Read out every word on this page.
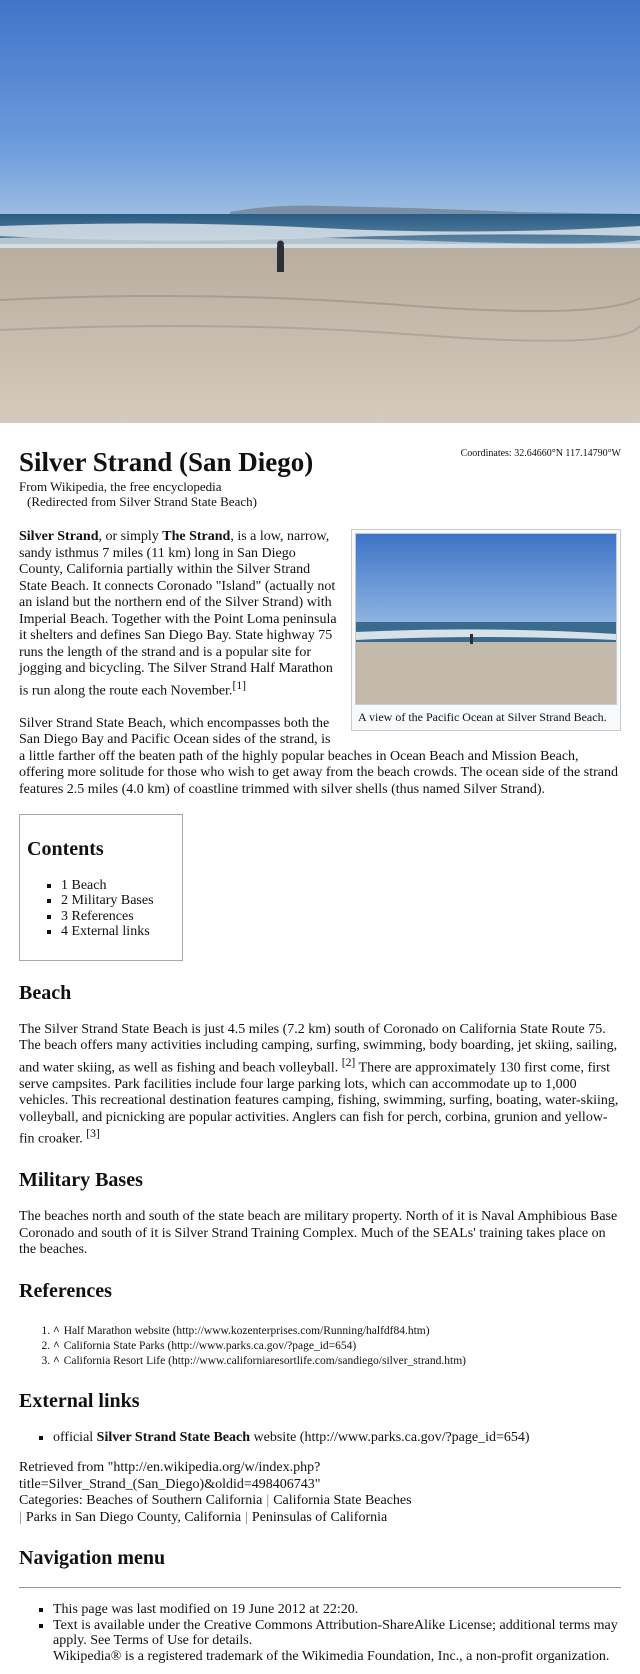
Coordinates: 32.64660°N 117.14790°W
Silver Strand (San Diego)
From Wikipedia, the free encyclopedia
(Redirected from Silver Strand State Beach)
A view of the Pacific Ocean at Silver Strand Beach.

Silver Strand, or simply The Strand, is a low, narrow, sandy isthmus 7 miles (11 km) long in San Diego County, California partially within the Silver Strand State Beach. It connects Coronado "Island" (actually not an island but the northern end of the Silver Strand) with Imperial Beach. Together with the Point Loma peninsula it shelters and defines San Diego Bay. State highway 75 runs the length of the strand and is a popular site for jogging and bicycling. The Silver Strand Half Marathon is run along the route each November.[1]

Silver Strand State Beach, which encompasses both the San Diego Bay and Pacific Ocean sides of the strand, is a little farther off the beaten path of the highly popular beaches in Ocean Beach and Mission Beach, offering more solitude for those who wish to get away from the beach crowds. The ocean side of the strand features 2.5 miles (4.0 km) of coastline trimmed with silver shells (thus named Silver Strand).

Contents
▪ 1 Beach
▪ 2 Military Bases
▪ 3 References
▪ 4 External links
Beach

The Silver Strand State Beach is just 4.5 miles (7.2 km) south of Coronado on California State Route 75. The beach offers many activities including camping, surfing, swimming, body boarding, jet skiing, sailing, and water skiing, as well as fishing and beach volleyball. [2] There are approximately 130 first come, first serve campsites. Park facilities include four large parking lots, which can accommodate up to 1,000 vehicles. This recreational destination features camping, fishing, swimming, surfing, boating, water-skiing, volleyball, and picnicking are popular activities. Anglers can fish for perch, corbina, grunion and yellow-fin croaker. [3]

Military Bases

The beaches north and south of the state beach are military property. North of it is Naval Amphibious Base Coronado and south of it is Silver Strand Training Complex. Much of the SEALs' training takes place on the beaches.

References
1. ^ Half Marathon website (http://www.kozenterprises.com/Running/halfdf84.htm)
2. ^ California State Parks (http://www.parks.ca.gov/?page_id=654)
3. ^ California Resort Life (http://www.californiaresortlife.com/sandiego/silver_strand.htm)
External links
▪ official Silver Strand State Beach website (http://www.parks.ca.gov/?page_id=654)
Retrieved from "http://en.wikipedia.org/w/index.php?title=Silver_Strand_(San_Diego)&oldid=498406743"
Categories: Beaches of Southern California | California State Beaches
| Parks in San Diego County, California | Peninsulas of California
Navigation menu
▪ This page was last modified on 19 June 2012 at 22:20.
▪ Text is available under the Creative Commons Attribution-ShareAlike License; additional terms may apply. See Terms of Use for details.
Wikipedia® is a registered trademark of the Wikimedia Foundation, Inc., a non-profit organization.
